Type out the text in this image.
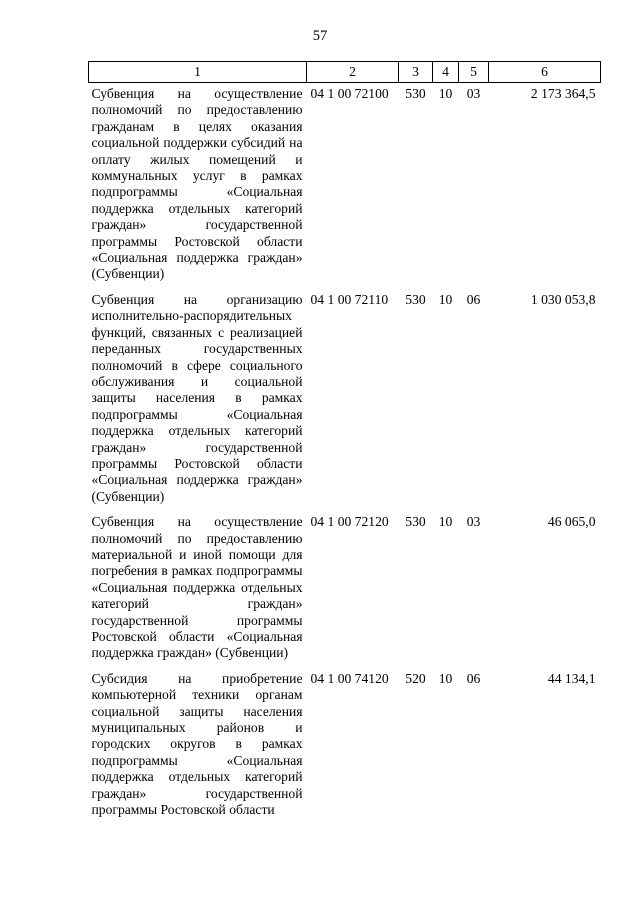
57
1	2	3	4	5	6
Субвенция на осуществление полномочий по предоставлению гражданам в целях оказания социальной поддержки субсидий на оплату жилых помещений и коммунальных услуг в рамках подпрограммы «Социальная поддержка отдельных категорий граждан» государственной программы Ростовской области «Социальная поддержка граждан» (Субвенции)	04 1 00 72100	530	10	03	2 173 364,5
Субвенция на организацию исполнительно-распорядительных функций, связанных с реализацией переданных государственных полномочий в сфере социального обслуживания и социальной защиты населения в рамках подпрограммы «Социальная поддержка отдельных категорий граждан» государственной программы Ростовской области «Социальная поддержка граждан» (Субвенции)	04 1 00 72110	530	10	06	1 030 053,8
Субвенция на осуществление полномочий по предоставлению материальной и иной помощи для погребения в рамках подпрограммы «Социальная поддержка отдельных категорий граждан» государственной программы Ростовской области «Социальная поддержка граждан» (Субвенции)	04 1 00 72120	530	10	03	46 065,0
Субсидия на приобретение компьютерной техники органам социальной защиты населения муниципальных районов и городских округов в рамках подпрограммы «Социальная поддержка отдельных категорий граждан» государственной программы Ростовской области	04 1 00 74120	520	10	06	44 134,1
